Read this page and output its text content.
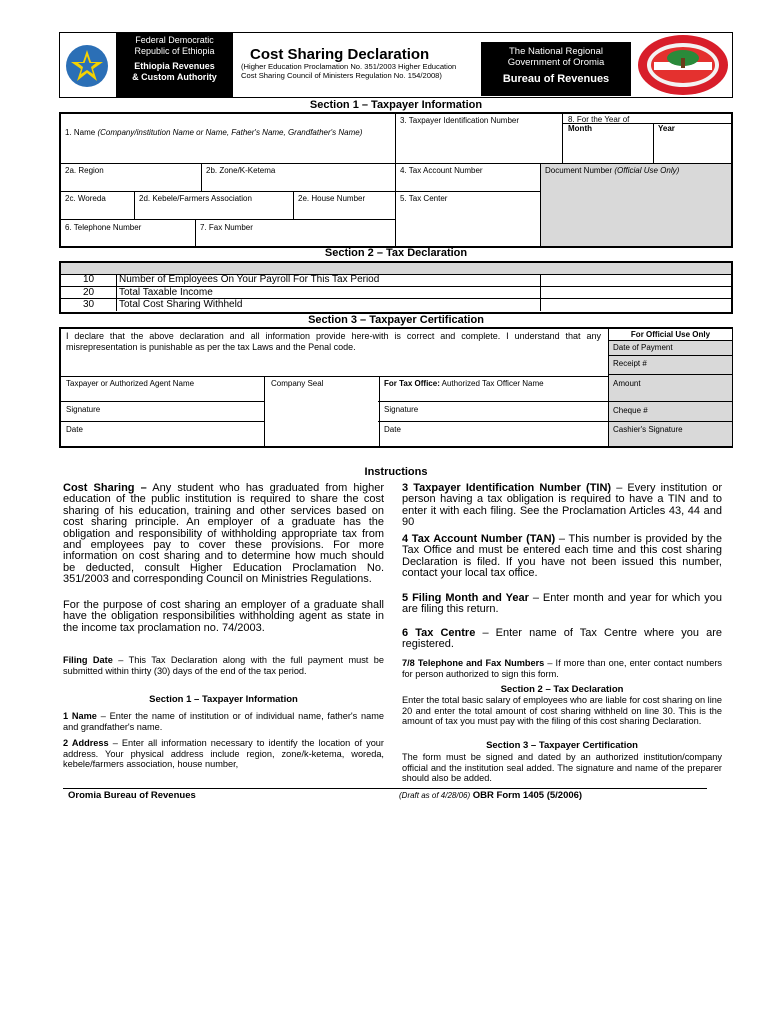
Federal Democratic
Republic of Ethiopia
Ethiopia Revenues
& Custom Authority
Cost Sharing Declaration
(Higher Education Proclamation No. 351/2003 Higher Education Cost Sharing Council of Ministers Regulation No. 154/2008)
The National Regional
Government of Oromia
Bureau of Revenues
Section 1 – Taxpayer Information
1. Name (Company/institution Name or Name, Father's Name, Grandfather's Name)
3. Taxpayer Identification Number	8. For the Year of
Month	Year
2a. Region	2b. Zone/K-Ketema	4. Tax Account Number	Document Number (Official Use Only)
2c. Woreda	2d. Kebele/Farmers Association	2e. House Number	5. Tax Center
6. Telephone Number	7. Fax Number
Section 2 – Tax Declaration
10	Number of Employees On Your Payroll For This Tax Period
20	Total Taxable Income
30	Total Cost Sharing Withheld
Section 3 – Taxpayer Certification
I declare that the above declaration and all information provide here-with is correct and complete. I understand that any misrepresentation is punishable as per the tax Laws and the Penal code.
Taxpayer or Authorized Agent Name	Company Seal	For Tax Office: Authorized Tax Officer Name
Signature	Signature
Date	Date
For Official Use Only
Date of Payment
Receipt #
Amount
Cheque #
Cashier's Signature
Instructions
Cost Sharing – Any student who has graduated from higher education of the public institution is required to share the cost sharing of his education, training and other services based on cost sharing principle. An employer of a graduate has the obligation and responsibility of withholding appropriate tax from and employees pay to cover these provisions. For more information on cost sharing and to determine how much should be deducted, consult Higher Education Proclamation No. 351/2003 and corresponding Council on Ministries Regulations.
For the purpose of cost sharing an employer of a graduate shall have the obligation responsibilities withholding agent as state in the income tax proclamation no. 74/2003.
Filing Date – This Tax Declaration along with the full payment must be submitted within thirty (30) days of the end of the tax period.
Section 1 – Taxpayer Information
1 Name – Enter the name of institution or of individual name, father's name and grandfather's name.
2 Address – Enter all information necessary to identify the location of your address. Your physical address include region, zone/k-ketema, woreda, kebele/farmers association, house number,
3 Taxpayer Identification Number (TIN) – Every institution or person having a tax obligation is required to have a TIN and to enter it with each filing. See the Proclamation Articles 43, 44 and 90
4 Tax Account Number (TAN) – This number is provided by the Tax Office and must be entered each time and this cost sharing Declaration is filed. If you have not been issued this number, contact your local tax office.
5 Filing Month and Year – Enter month and year for which you are filing this return.
6 Tax Centre – Enter name of Tax Centre where you are registered.
7/8 Telephone and Fax Numbers – If more than one, enter contact numbers for person authorized to sign this form.
Section 2 – Tax Declaration
Enter the total basic salary of employees who are liable for cost sharing on line 20 and enter the total amount of cost sharing withheld on line 30. This is the amount of tax you must pay with the filing of this cost sharing Declaration.
Section 3 – Taxpayer Certification
The form must be signed and dated by an authorized institution/company official and the institution seal added. The signature and name of the preparer should also be added.
Oromia Bureau of Revenues	(Draft as of 4/28/06) OBR Form 1405 (5/2006)
